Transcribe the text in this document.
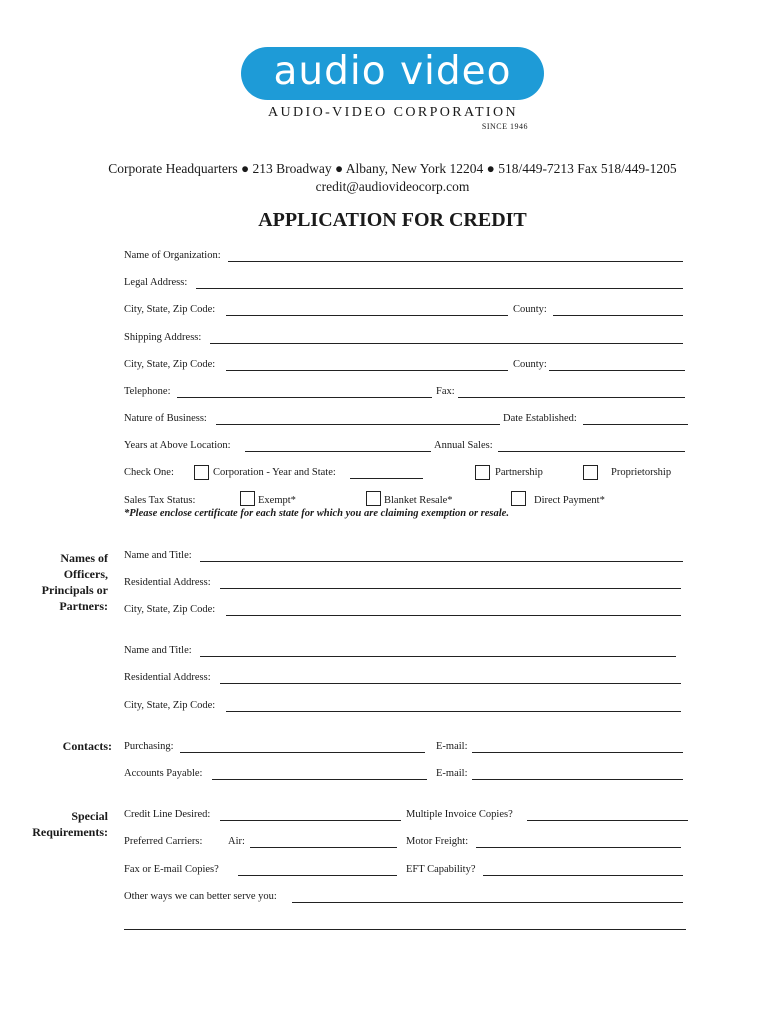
audio video
AUDIO-VIDEO CORPORATION
SINCE 1946
Corporate Headquarters ● 213 Broadway ● Albany, New York 12204 ● 518/449-7213 Fax 518/449-1205
credit@audiovideocorp.com
APPLICATION FOR CREDIT
Name of Organization:
Legal Address:
City, State, Zip Code:	County:
Shipping Address:
City, State, Zip Code:	County:
Telephone:	Fax:
Nature of Business:	Date Established:
Years at Above Location:	Annual Sales:
Check One:	Corporation - Year and State:	Partnership	Proprietorship
Sales Tax Status:	Exempt*	Blanket Resale*	Direct Payment*
*Please enclose certificate for each state for which you are claiming exemption or resale.
Names of
Officers,
Principals or
Partners:
Name and Title:
Residential Address:
City, State, Zip Code:
Name and Title:
Residential Address:
City, State, Zip Code:
Contacts: Purchasing:	E-mail:
Accounts Payable:	E-mail:
Special
Requirements:
Credit Line Desired:	Multiple Invoice Copies?
Preferred Carriers: Air:	Motor Freight:
Fax or E-mail Copies?	EFT Capability?
Other ways we can better serve you:
